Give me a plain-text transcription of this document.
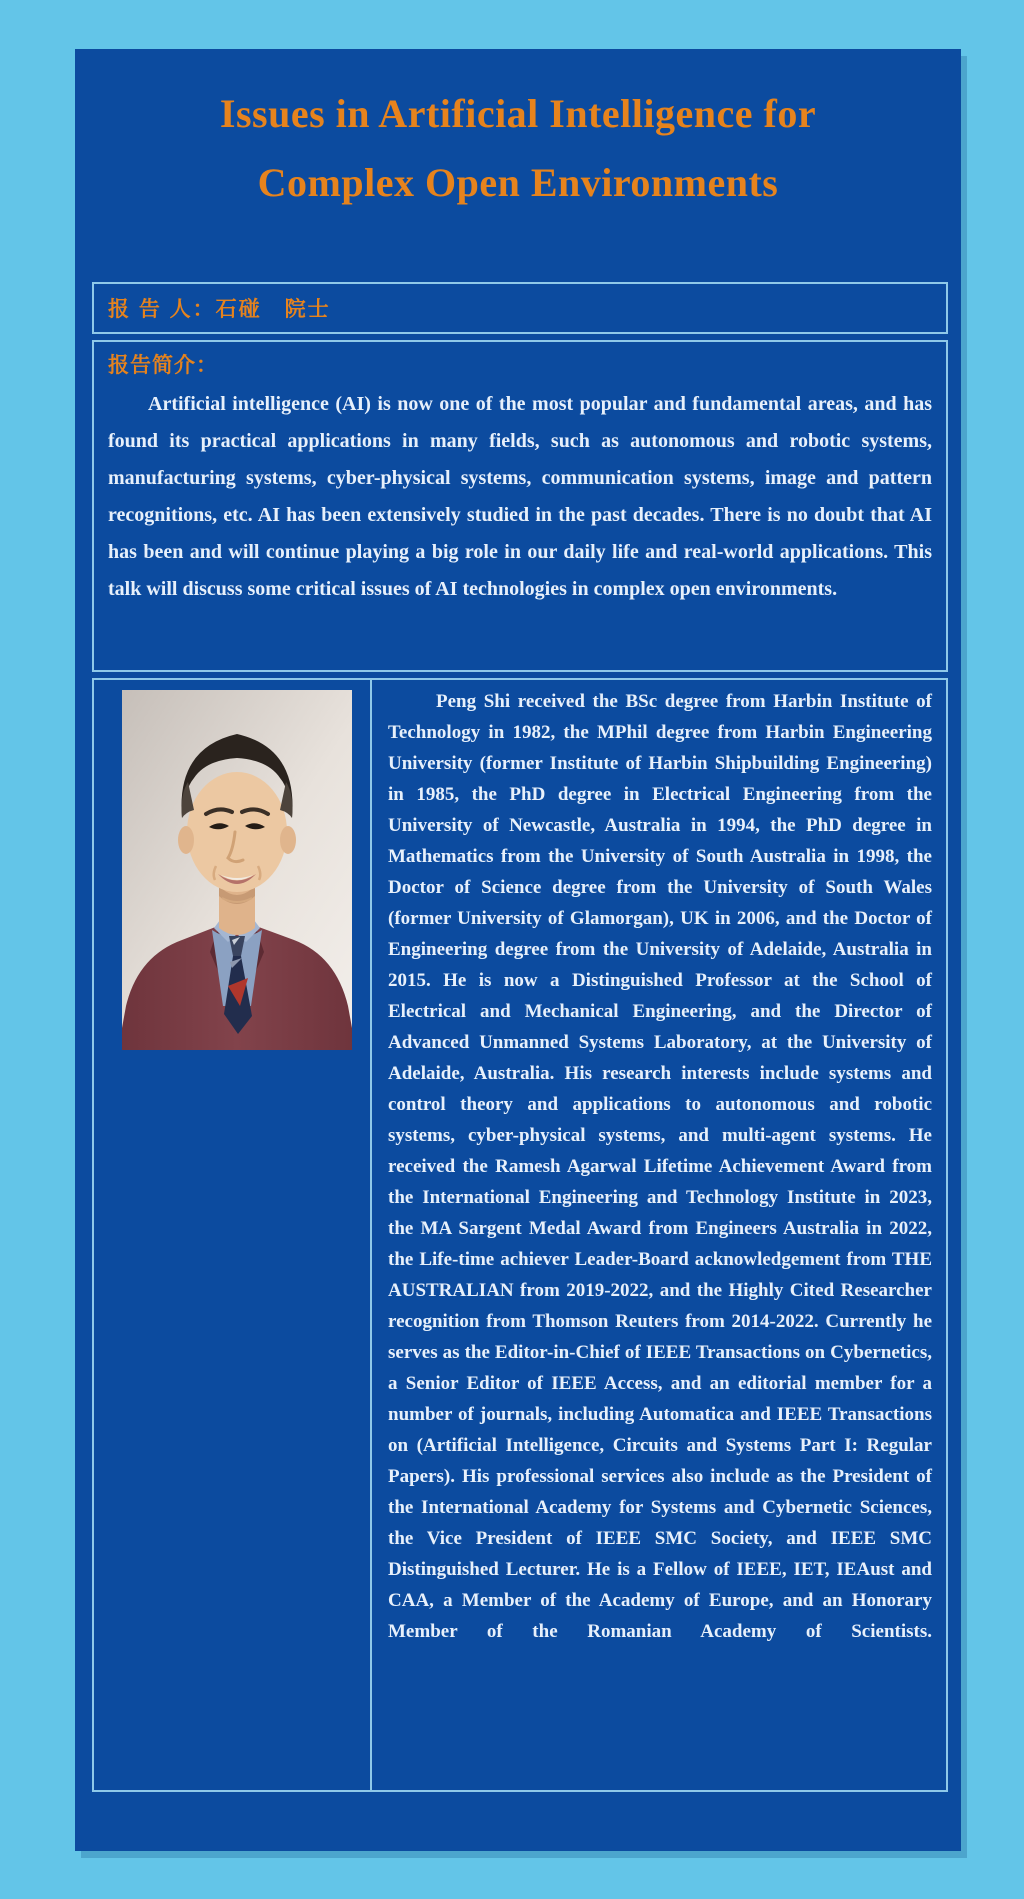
Issues in Artificial Intelligence for
Complex Open Environments
报 告 人：石碰　院士
报告简介：

Artificial intelligence (AI) is now one of the most popular and fundamental areas, and has found its practical applications in many fields, such as autonomous and robotic systems, manufacturing systems, cyber-physical systems, communication systems, image and pattern recognitions, etc. AI has been extensively studied in the past decades. There is no doubt that AI has been and will continue playing a big role in our daily life and real-world applications. This talk will discuss some critical issues of AI technologies in complex open environments.

Peng Shi received the BSc degree from Harbin Institute of Technology in 1982, the MPhil degree from Harbin Engineering University (former Institute of Harbin Shipbuilding Engineering) in 1985, the PhD degree in Electrical Engineering from the University of Newcastle, Australia in 1994, the PhD degree in Mathematics from the University of South Australia in 1998, the Doctor of Science degree from the University of South Wales (former University of Glamorgan), UK in 2006, and the Doctor of Engineering degree from the University of Adelaide, Australia in 2015. He is now a Distinguished Professor at the School of Electrical and Mechanical Engineering, and the Director of Advanced Unmanned Systems Laboratory, at the University of Adelaide, Australia. His research interests include systems and control theory and applications to autonomous and robotic systems, cyber-physical systems, and multi-agent systems. He received the Ramesh Agarwal Lifetime Achievement Award from the International Engineering and Technology Institute in 2023, the MA Sargent Medal Award from Engineers Australia in 2022, the Life-time achiever Leader-Board acknowledgement from THE AUSTRALIAN from 2019-2022, and the Highly Cited Researcher recognition from Thomson Reuters from 2014-2022. Currently he serves as the Editor-in-Chief of IEEE Transactions on Cybernetics, a Senior Editor of IEEE Access, and an editorial member for a number of journals, including Automatica and IEEE Transactions on (Artificial Intelligence, Circuits and Systems Part I: Regular Papers). His professional services also include as the President of the International Academy for Systems and Cybernetic Sciences, the Vice President of IEEE SMC Society, and IEEE SMC Distinguished Lecturer. He is a Fellow of IEEE, IET, IEAust and CAA, a Member of the Academy of Europe, and an Honorary Member of the Romanian Academy of Scientists.
